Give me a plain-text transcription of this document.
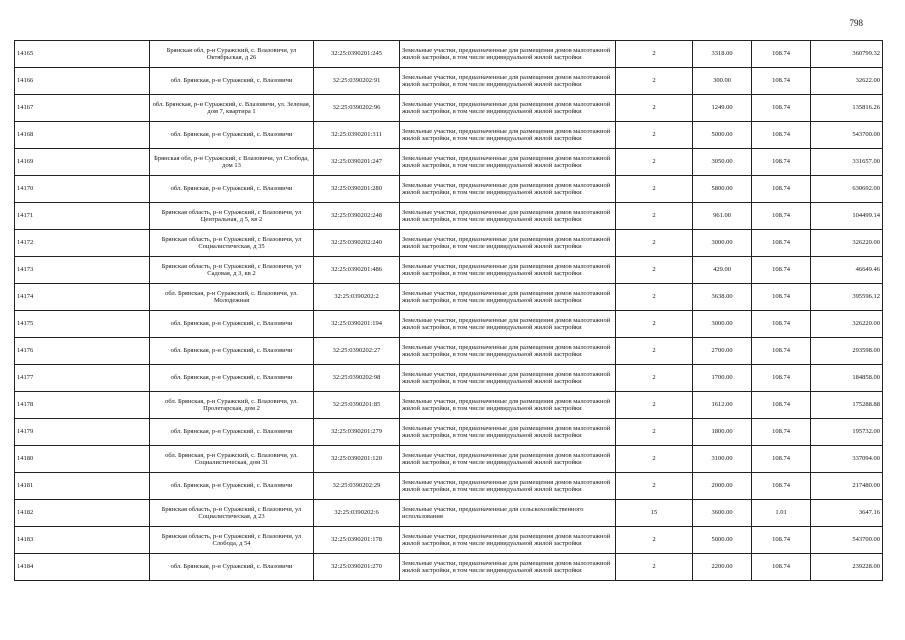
798
14165	Брянская обл, р-н Суражский, с. Влазовичи, ул Октябрьская, д 26	32:25:0390201:245	Земельные участки, предназначенные для размещения домов малоэтажной жилой застройки, в том числе индивидуальной жилой застройки	2	3318.00	108.74	360799.32
14166	обл. Брянская, р-н Суражский, с. Влазовичи	32:25:0390202:91	Земельные участки, предназначенные для размещения домов малоэтажной жилой застройки, в том числе индивидуальной жилой застройки	2	300.00	108.74	32622.00
14167	обл. Брянская, р-н Суражский, с. Влазовичи, ул. Зеленая, дом 7, квартира 1	32:25:0390202:96	Земельные участки, предназначенные для размещения домов малоэтажной жилой застройки, в том числе индивидуальной жилой застройки	2	1249.00	108.74	135816.26
14168	обл. Брянская, р-н Суражский, с. Влазовичи	32:25:0390201:311	Земельные участки, предназначенные для размещения домов малоэтажной жилой застройки, в том числе индивидуальной жилой застройки	2	5000.00	108.74	543700.00
14169	Брянская обл, р-н Суражский, с Влазовичи, ул Слобода, дом 13	32:25:0390201:247	Земельные участки, предназначенные для размещения домов малоэтажной жилой застройки, в том числе индивидуальной жилой застройки	2	3050.00	108.74	331657.00
14170	обл. Брянская, р-н Суражский, с. Влазовичи	32:25:0390201:280	Земельные участки, предназначенные для размещения домов малоэтажной жилой застройки, в том числе индивидуальной жилой застройки	2	5800.00	108.74	630692.00
14171	Брянская область, р-н Суражский, с Влазовичи, ул Центральная, д 5, кв 2	32:25:0390202:248	Земельные участки, предназначенные для размещения домов малоэтажной жилой застройки, в том числе индивидуальной жилой застройки	2	961.00	108.74	104499.14
14172	Брянская область, р-н Суражский, с Влазовичи, ул Социалистическая, д 35	32:25:0390202:240	Земельные участки, предназначенные для размещения домов малоэтажной жилой застройки, в том числе индивидуальной жилой застройки	2	3000.00	108.74	326220.00
14173	Брянская область, р-н Суражский, с Влазовичи, ул Садовая, д 3, кв 2	32:25:0390201:486	Земельные участки, предназначенные для размещения домов малоэтажной жилой застройки, в том числе индивидуальной жилой застройки	2	429.00	108.74	46649.46
14174	обл. Брянская, р-н Суражский, с. Влазовичи, ул. Молодежная	32:25:0390202:2	Земельные участки, предназначенные для размещения домов малоэтажной жилой застройки, в том числе индивидуальной жилой застройки	2	3638.00	108.74	395596.12
14175	обл. Брянская, р-н Суражский, с. Влазовичи	32:25:0390201:194	Земельные участки, предназначенные для размещения домов малоэтажной жилой застройки, в том числе индивидуальной жилой застройки	2	3000.00	108.74	326220.00
14176	обл. Брянская, р-н Суражский, с. Влазовичи	32:25:0390202:27	Земельные участки, предназначенные для размещения домов малоэтажной жилой застройки, в том числе индивидуальной жилой застройки	2	2700.00	108.74	293598.00
14177	обл. Брянская, р-н Суражский, с. Влазовичи	32:25:0390202:98	Земельные участки, предназначенные для размещения домов малоэтажной жилой застройки, в том числе индивидуальной жилой застройки	2	1700.00	108.74	184858.00
14178	обл. Брянская, р-н Суражский, с. Влазовичи, ул. Пролетарская, дом 2	32:25:0390201:85	Земельные участки, предназначенные для размещения домов малоэтажной жилой застройки, в том числе индивидуальной жилой застройки	2	1612.00	108.74	175288.88
14179	обл. Брянская, р-н Суражский, с. Влазовичи	32:25:0390201:279	Земельные участки, предназначенные для размещения домов малоэтажной жилой застройки, в том числе индивидуальной жилой застройки	2	1800.00	108.74	195732.00
14180	обл. Брянская, р-н Суражский, с. Влазовичи, ул. Социалистическая, дом 31	32:25:0390201:120	Земельные участки, предназначенные для размещения домов малоэтажной жилой застройки, в том числе индивидуальной жилой застройки	2	3100.00	108.74	337094.00
14181	обл. Брянская, р-н Суражский, с. Влазовичи	32:25:0390202:29	Земельные участки, предназначенные для размещения домов малоэтажной жилой застройки, в том числе индивидуальной жилой застройки	2	2000.00	108.74	217480.00
14182	Брянская область, р-н Суражский, с Влазовичи, ул Социалистическая, д 23	32:25:0390202:6	Земельные участки, предназначенные для сельскохозяйственного использования	15	3600.00	1.01	3647.16
14183	Брянская область, р-н Суражский, с Влазовичи, ул Слобода, д 54	32:25:0390201:178	Земельные участки, предназначенные для размещения домов малоэтажной жилой застройки, в том числе индивидуальной жилой застройки	2	5000.00	108.74	543700.00
14184	обл. Брянская, р-н Суражский, с. Влазовичи	32:25:0390201:270	Земельные участки, предназначенные для размещения домов малоэтажной жилой застройки, в том числе индивидуальной жилой застройки	2	2200.00	108.74	239228.00
